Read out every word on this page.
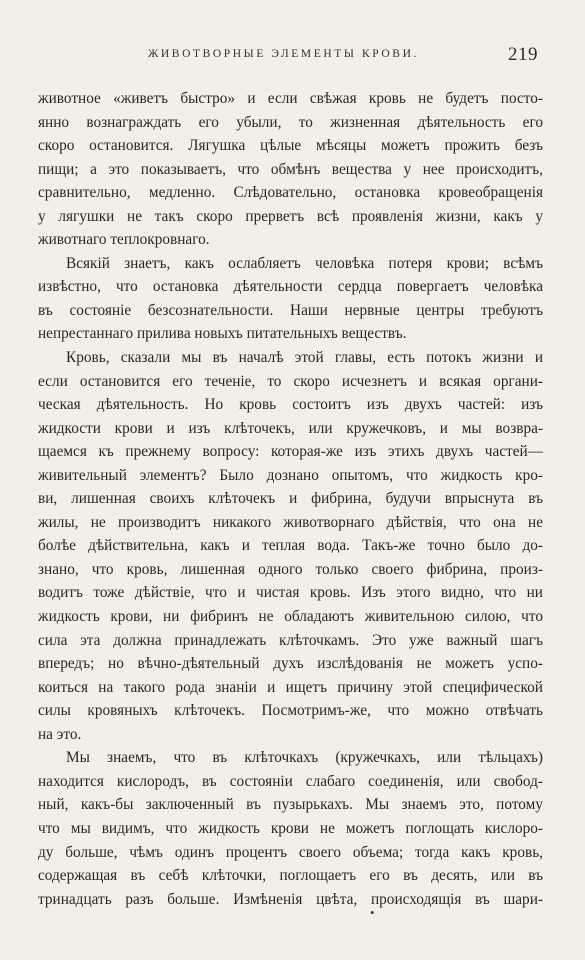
ЖИВОТВОРНЫЕ ЭЛЕМЕНТЫ КРОВИ.	219
животное «живетъ быстро» и если свѣжая кровь не будетъ посто-
янно вознаграждать его убыли, то жизненная дѣятельность его
скоро остановится. Лягушка цѣлые мѣсяцы можетъ прожить безъ
пищи; а это показываетъ, что обмѣнъ вещества у нее происходитъ,
сравнительно, медленно. Слѣдовательно, остановка кровеобращенія
у лягушки не такъ скоро прерветъ всѣ проявленія жизни, какъ у
животнаго теплокровнаго.
Всякій знаетъ, какъ ослабляетъ человѣка потеря крови; всѣмъ
извѣстно, что остановка дѣятельности сердца повергаетъ человѣка
въ состояніе безсознательности. Наши нервные центры требуютъ
непрестаннаго прилива новыхъ питательныхъ веществъ.
Кровь, сказали мы въ началѣ этой главы, есть потокъ жизни и
если остановится его теченіе, то скоро исчезнетъ и всякая органи-
ческая дѣятельность. Но кровь состоитъ изъ двухъ частей: изъ
жидкости крови и изъ клѣточекъ, или кружечковъ, и мы возвра-
щаемся къ прежнему вопросу: которая-же изъ этихъ двухъ частей—
живительный элементъ? Было дознано опытомъ, что жидкость кро-
ви, лишенная своихъ клѣточекъ и фибрина, будучи впрыснута въ
жилы, не производитъ никакого животворнаго дѣйствія, что она не
болѣе дѣйствительна, какъ и теплая вода. Такъ-же точно было до-
знано, что кровь, лишенная одного только своего фибрина, произ-
водитъ тоже дѣйствіе, что и чистая кровь. Изъ этого видно, что ни
жидкость крови, ни фибринъ не обладаютъ живительною силою, что
сила эта должна принадлежать клѣточкамъ. Это уже важный шагъ
впередъ; но вѣчно-дѣятельный духъ изслѣдованія не можетъ успо-
коиться на такого рода знаніи и ищетъ причину этой специфической
силы кровяныхъ клѣточекъ. Посмотримъ-же, что можно отвѣчать
на это.
Мы знаемъ, что въ клѣточкахъ (кружечкахъ, или тѣльцахъ)
находится кислородъ, въ состояніи слабаго соединенія, или свобод-
ный, какъ-бы заключенный въ пузырькахъ. Мы знаемъ это, потому
что мы видимъ, что жидкость крови не можетъ поглощать кислоро-
ду больше, чѣмъ одинъ процентъ своего объема; тогда какъ кровь,
содержащая въ себѣ клѣточки, поглощаетъ его въ десять, или въ
тринадцать разъ больше. Измѣненія цвѣта, происходящія въ шари-
•
